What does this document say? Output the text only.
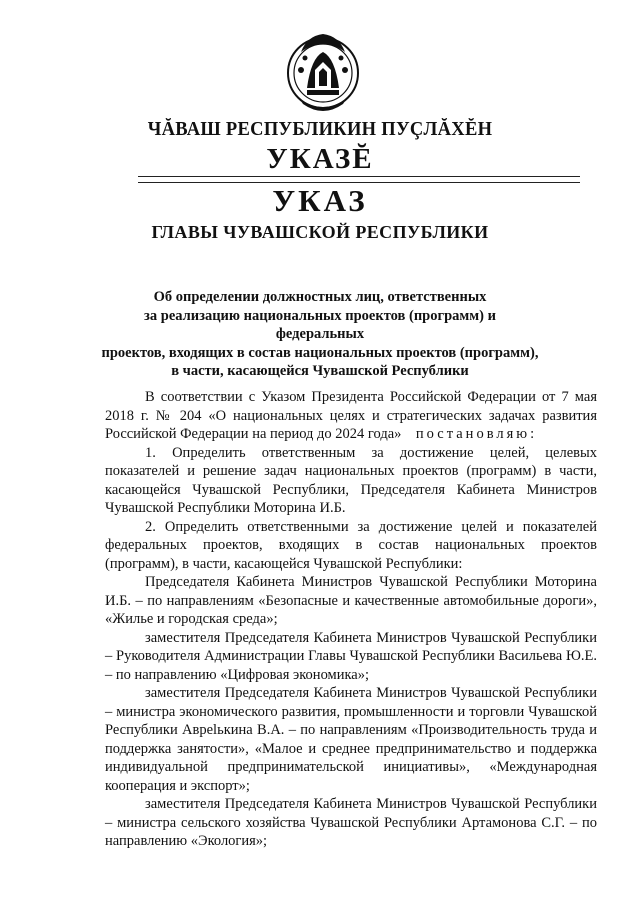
ЧĂВАШ РЕСПУБЛИКИН ПУÇЛĂХĔН
УКАЗĔ
УКАЗ
ГЛАВЫ ЧУВАШСКОЙ РЕСПУБЛИКИ
Об определении должностных лиц, ответственных
за реализацию национальных проектов (программ) и федеральных
проектов, входящих в состав национальных проектов (программ),
в части, касающейся Чувашской Республики

В соответствии с Указом Президента Российской Федерации от 7 мая 2018 г. № 204 «О национальных целях и стратегических задачах развития Российской Федерации на период до 2024 года» постановляю:

1. Определить ответственным за достижение целей, целевых показателей и решение задач национальных проектов (программ) в части, касающейся Чувашской Республики, Председателя Кабинета Министров Чувашской Республики Моторина И.Б.

2. Определить ответственными за достижение целей и показателей федеральных проектов, входящих в состав национальных проектов (программ), в части, касающейся Чувашской Республики:

Председателя Кабинета Министров Чувашской Республики Моторина И.Б. – по направлениям «Безопасные и качественные автомобильные дороги», «Жилье и городская среда»;

заместителя Председателя Кабинета Министров Чувашской Республики – Руководителя Администрации Главы Чувашской Республики Васильева Ю.Е. – по направлению «Цифровая экономика»;

заместителя Председателя Кабинета Министров Чувашской Республики – министра экономического развития, промышленности и торговли Чувашской Республики Авреlькина В.А. – по направлениям «Производительность труда и поддержка занятости», «Малое и среднее предпринимательство и поддержка индивидуальной предпринимательской инициативы», «Международная кооперация и экспорт»;

заместителя Председателя Кабинета Министров Чувашской Республики – министра сельского хозяйства Чувашской Республики Артамонова С.Г. – по направлению «Экология»;
